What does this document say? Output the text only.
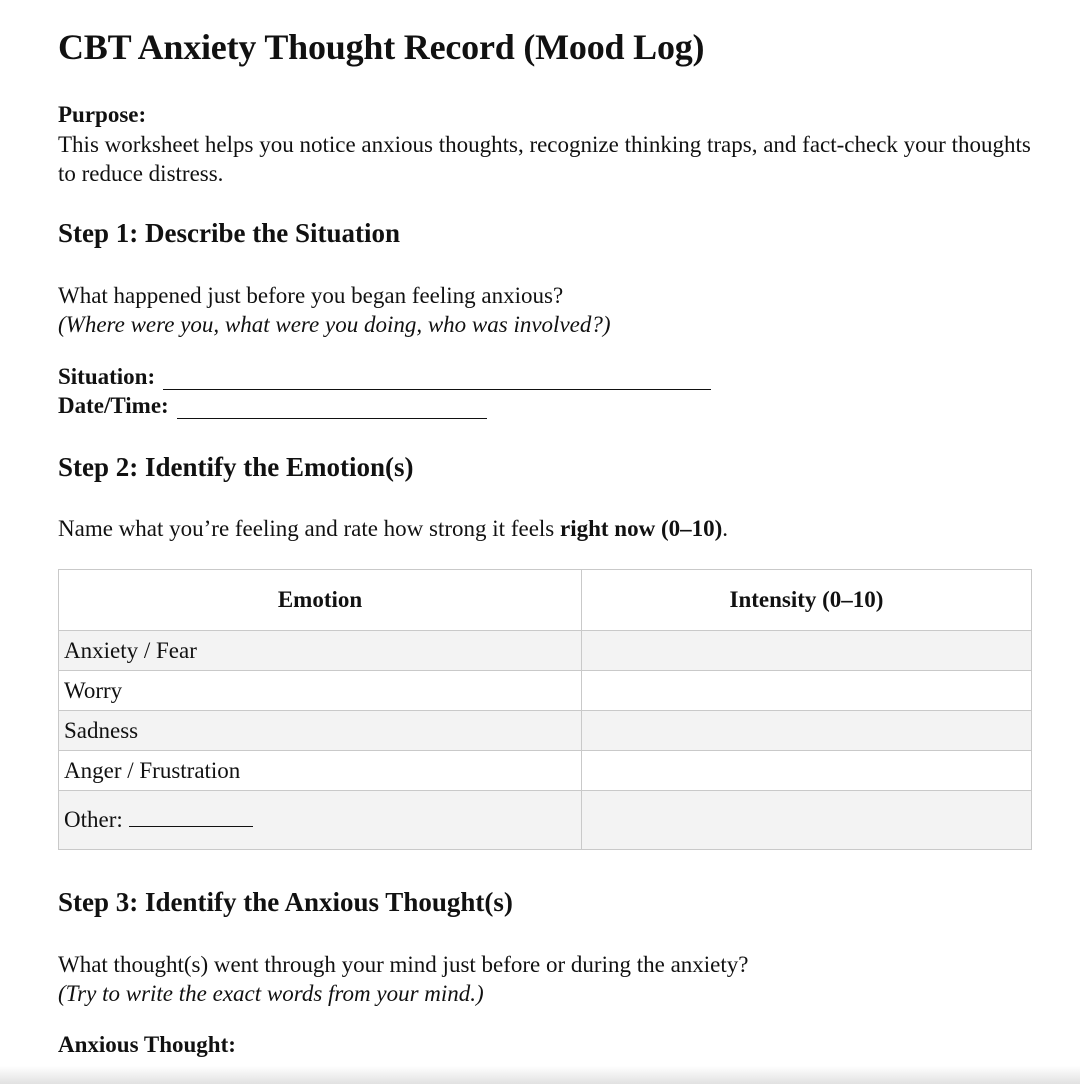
CBT Anxiety Thought Record (Mood Log)
Purpose:
This worksheet helps you notice anxious thoughts, recognize thinking traps, and fact-check your thoughts to reduce distress.
Step 1: Describe the Situation
What happened just before you began feeling anxious?
(Where were you, what were you doing, who was involved?)
Situation:
Date/Time:
Step 2: Identify the Emotion(s)
Name what you’re feeling and rate how strong it feels right now (0–10).
Emotion	Intensity (0–10)
Anxiety / Fear	
Worry	
Sadness	
Anger / Frustration	
Other:	
Step 3: Identify the Anxious Thought(s)
What thought(s) went through your mind just before or during the anxiety?
(Try to write the exact words from your mind.)
Anxious Thought:
